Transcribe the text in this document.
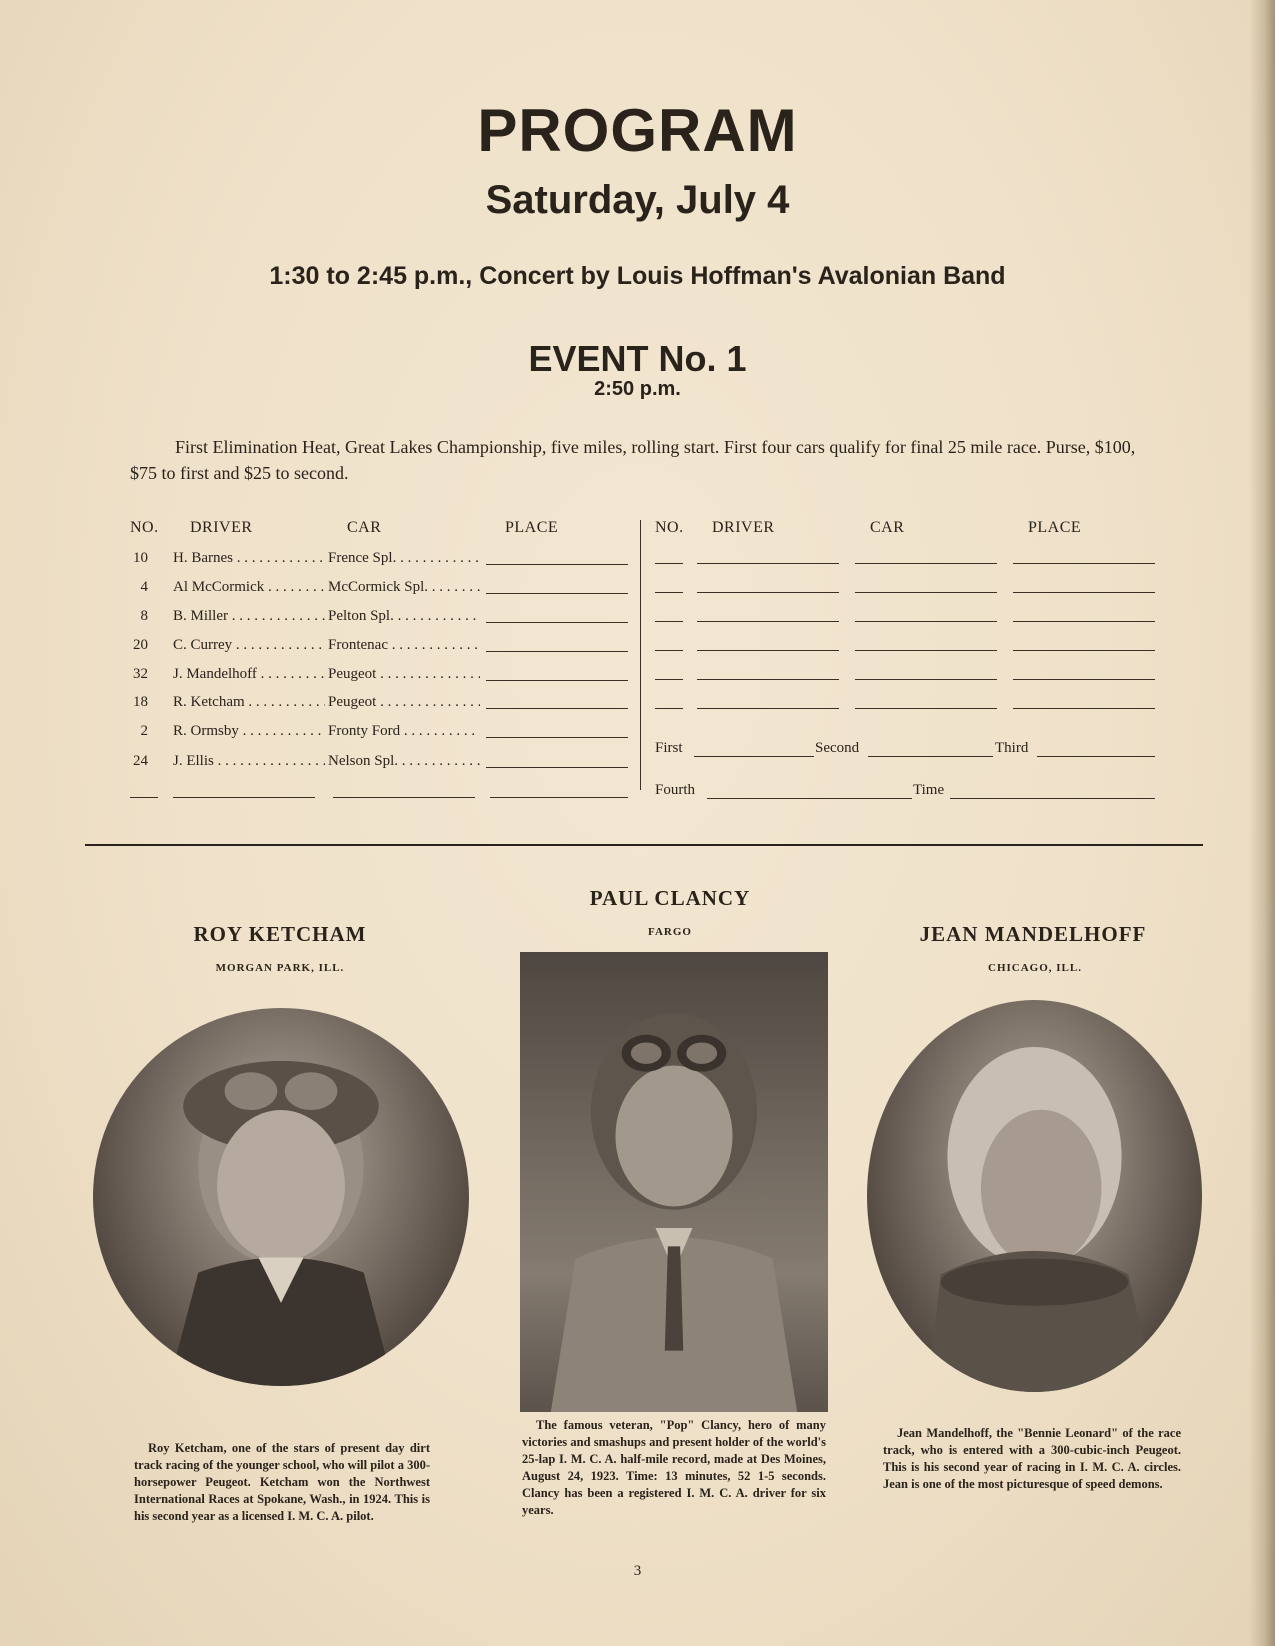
PROGRAM
Saturday, July 4
1:30 to 2:45 p.m., Concert by Louis Hoffman's Avalonian Band
EVENT No. 1
2:50 p.m.
First Elimination Heat, Great Lakes Championship, five miles, rolling start. First four cars qualify for final 25 mile race. Purse, $100, $75 to first and $25 to second.
NO. DRIVER	CAR	PLACE	NO. DRIVER	CAR	PLACE
10 H. Barnes . . .	Frence Spl. . . .
4 Al McCormick . . .	McCormick Spl. . . .
8 B. Miller . . .	Pelton Spl. . . .
20 C. Currey . . .	Frontenac . . .
32 J. Mandelhoff . . .	Peugeot . . .
18 R. Ketcham . . .	Peugeot . . .
2 R. Ormsby . . .	Fronty Ford . . .
24 J. Ellis . . .	Nelson Spl. . . .
First	Second	Third
Fourth	Time
ROY KETCHAM
MORGAN PARK, ILL.
Roy Ketcham, one of the stars of present day dirt track racing of the younger school, who will pilot a 300-horsepower Peugeot. Ketcham won the Northwest International Races at Spokane, Wash., in 1924. This is his second year as a licensed I. M. C. A. pilot.
PAUL CLANCY
FARGO
The famous veteran, "Pop" Clancy, hero of many victories and smashups and present holder of the world's 25-lap I. M. C. A. half-mile record, made at Des Moines, August 24, 1923. Time: 13 minutes, 52 1-5 seconds. Clancy has been a registered I. M. C. A. driver for six years.
JEAN MANDELHOFF
CHICAGO, ILL.
Jean Mandelhoff, the "Bennie Leonard" of the race track, who is entered with a 300-cubic-inch Peugeot. This is his second year of racing in I. M. C. A. circles. Jean is one of the most picturesque of speed demons.
3
